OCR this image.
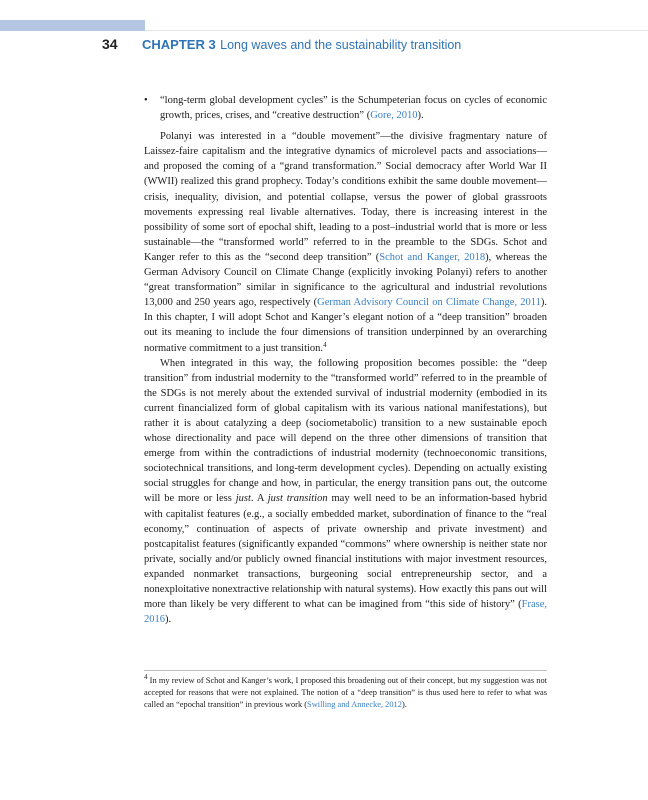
34 CHAPTER 3 Long waves and the sustainability transition
• “long-term global development cycles” is the Schumpeterian focus on cycles of economic growth, prices, crises, and “creative destruction” (Gore, 2010).

Polanyi was interested in a “double movement”—the divisive fragmentary nature of Laissez-faire capitalism and the integrative dynamics of microlevel pacts and associations—and proposed the coming of a “grand transformation.” Social democracy after World War II (WWII) realized this grand prophecy. Today’s conditions exhibit the same double movement—crisis, inequality, division, and potential collapse, versus the power of global grassroots movements expressing real livable alternatives. Today, there is increasing interest in the possibility of some sort of epochal shift, leading to a post–industrial world that is more or less sustainable—the “transformed world” referred to in the preamble to the SDGs. Schot and Kanger refer to this as the “second deep transition” (Schot and Kanger, 2018), whereas the German Advisory Council on Climate Change (explicitly invoking Polanyi) refers to another “great transformation” similar in significance to the agricultural and industrial revolutions 13,000 and 250 years ago, respectively (German Advisory Council on Climate Change, 2011). In this chapter, I will adopt Schot and Kanger’s elegant notion of a “deep transition” broaden out its meaning to include the four dimensions of transition underpinned by an overarching normative commitment to a just transition.$^4$

When integrated in this way, the following proposition becomes possible: the “deep transition” from industrial modernity to the “transformed world” referred to in the preamble of the SDGs is not merely about the extended survival of industrial modernity (embodied in its current financialized form of global capitalism with its various national manifestations), but rather it is about catalyzing a deep (sociometabolic) transition to a new sustainable epoch whose directionality and pace will depend on the three other dimensions of transition that emerge from within the contradictions of industrial modernity (technoeconomic transitions, sociotechnical transitions, and long-term development cycles). Depending on actually existing social struggles for change and how, in particular, the energy transition pans out, the outcome will be more or less just. A just transition may well need to be an information-based hybrid with capitalist features (e.g., a socially embedded market, subordination of finance to the “real economy,” continuation of aspects of private ownership and private investment) and postcapitalist features (significantly expanded “commons” where ownership is neither state nor private, socially and/or publicly owned financial institutions with major investment resources, expanded nonmarket transactions, burgeoning social entrepreneurship sector, and a nonexploitative nonextractive relationship with natural systems). How exactly this pans out will more than likely be very different to what can be imagined from “this side of history” (Frase, 2016).

$^4$ In my review of Schot and Kanger’s work, I proposed this broadening out of their concept, but my suggestion was not accepted for reasons that were not explained. The notion of a “deep transition” is thus used here to refer to what was called an “epochal transition” in previous work (Swilling and Annecke, 2012).
